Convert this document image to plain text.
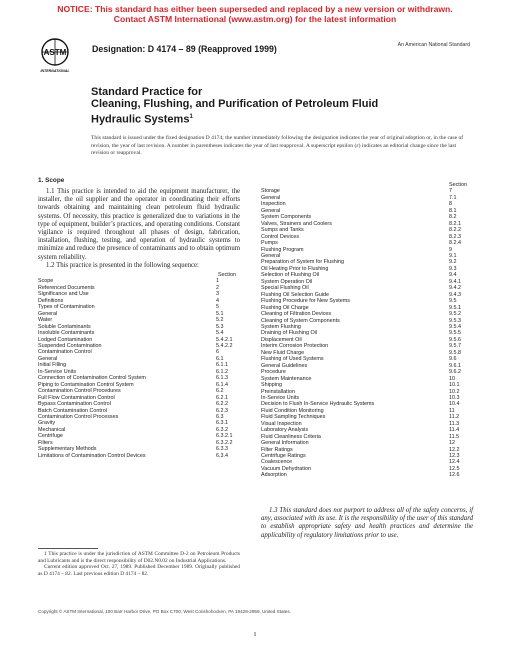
NOTICE: This standard has either been superseded and replaced by a new version or withdrawn.
Contact ASTM International (www.astm.org) for the latest information
ASTM
INTERNATIONAL
Designation: D 4174 – 89 (Reapproved 1999)	An American National Standard
Standard Practice for
Cleaning, Flushing, and Purification of Petroleum Fluid
Hydraulic Systems$^1$
This standard is issued under the fixed designation D 4174; the number immediately following the designation indicates the year of original adoption or, in the case of revision, the year of last revision. A number in parentheses indicates the year of last reapproval. A superscript epsilon (ε) indicates an editorial change since the last revision or reapproval.
1. Scope

1.1 This practice is intended to aid the equipment manufacturer, the installer, the oil supplier and the operator in coordinating their efforts towards obtaining and maintaining clean petroleum fluid hydraulic systems. Of necessity, this practice is generalized due to variations in the type of equipment, builder’s practices, and operating conditions. Constant vigilance is required throughout all phases of design, fabrication, installation, flushing, testing, and operation of hydraulic systems to minimize and reduce the presence of contaminants and to obtain optimum system reliability.

1.2 This practice is presented in the following sequence:

Section
Scope	1
Referenced Documents	2
Significance and Use	3
Definitions	4
Types of Contamination	5
General	5.1
Water	5.2
Soluble Contaminants	5.3
Insoluble Contaminants	5.4
Lodged Contamination	5.4.2.1
Suspended Contamination	5.4.2.2
Contamination Control	6
General	6.1
Initial Filling	6.1.1
In-Service Units	6.1.2
Connection of Contamination Control System	6.1.3
Piping to Contamination Control System	6.1.4
Contamination Control Procedures	6.2
Full Flow Contamination Control	6.2.1
Bypass Contamination Control	6.2.2
Batch Contamination Control	6.2.3
Contamination Control Processes	6.3
Gravity	6.3.1
Mechanical	6.3.2
Centrifuge	6.3.2.1
Filters	6.3.2.2
Supplementary Methods	6.3.3
Limitations of Contamination Control Devices	6.3.4
Section
Storage	7
General	7.1
Inspection	8
General	8.1
System Components	8.2
Valves, Strainers and Coolers	8.2.1
Sumps and Tanks	8.2.2
Control Devices	8.2.3
Pumps	8.2.4
Flushing Program	9
General	9.1
Preparation of System for Flushing	9.2
Oil Heating Prior to Flushing	9.3
Selection of Flushing Oil	9.4
System Operation Oil	9.4.1
Special Flushing Oil	9.4.2
Flushing Oil Selection Guide	9.4.3
Flushing Procedure for New Systems	9.5
Flushing Oil Charge	9.5.1
Cleaning of Filtration Devices	9.5.2
Cleaning of System Components	9.5.3
System Flushing	9.5.4
Draining of Flushing Oil	9.5.5
Displacement Oil	9.5.6
Interim Corrosion Protection	9.5.7
New Fluid Charge	9.5.8
Flushing of Used Systems	9.6
General Guidelines	9.6.1
Procedure	9.6.2
System Maintenance	10
Shipping	10.1
Preinstallation	10.2
In-Service Units	10.3
Decision to Flush In-Service Hydraulic Systems	10.4
Fluid Condition Monitoring	11
Fluid Sampling Techniques	11.2
Visual Inspection	11.3
Laboratory Analysis	11.4
Fluid Cleanliness Criteria	11.5
General Information	12
Filter Ratings	12.2
Centrifuge Ratings	12.3
Coalescence	12.4
Vacuum Dehydration	12.5
Adsorption	12.6

1.3 This standard does not purport to address all of the safety concerns, if any, associated with its use. It is the responsibility of the user of this standard to establish appropriate safety and health practices and determine the applicability of regulatory limitations prior to use.

1 This practice is under the jurisdiction of ASTM Committee D-2 on Petroleum Products and Lubricants and is the direct responsibility of D02.N0.02 on Industrial Applications.

Current edition approved Oct. 27, 1989. Published December 1989. Originally published as D 4174 – 82. Last previous edition D 4174 – 82.

Copyright © ASTM International, 100 Barr Harbor Drive, PO Box C700, West Conshohocken, PA 19428-2959, United States.
1
